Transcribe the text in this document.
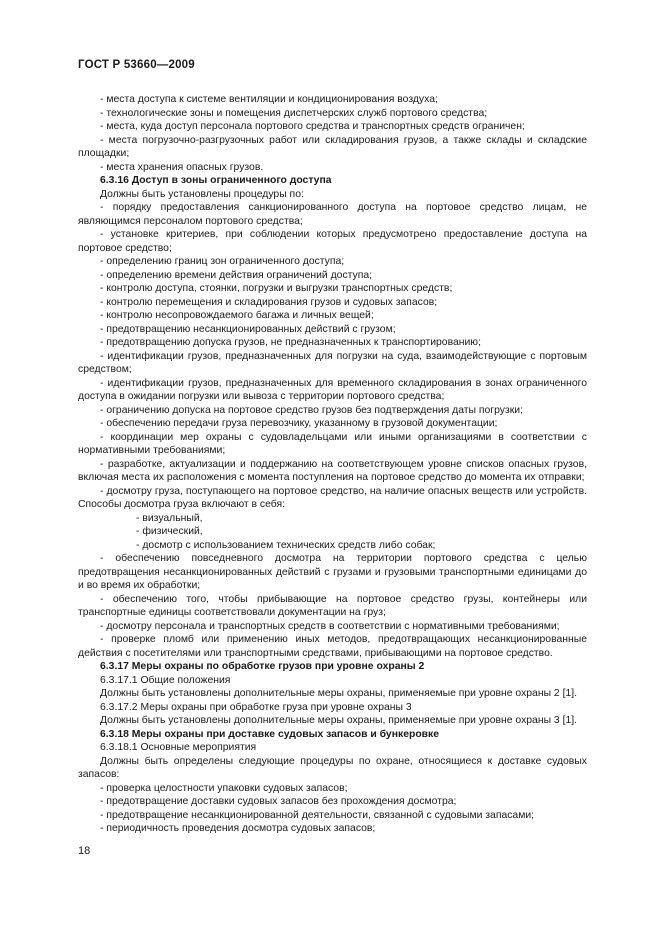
ГОСТ Р 53660—2009

- места доступа к системе вентиляции и кондиционирования воздуха;

- технологические зоны и помещения диспетчерских служб портового средства;

- места, куда доступ персонала портового средства и транспортных средств ограничен;

- места погрузочно-разгрузочных работ или складирования грузов, а также склады и складские площадки;

- места хранения опасных грузов.

6.3.16 Доступ в зоны ограниченного доступа

Должны быть установлены процедуры по:

- порядку предоставления санкционированного доступа на портовое средство лицам, не являющимся персоналом портового средства;

- установке критериев, при соблюдении которых предусмотрено предоставление доступа на портовое средство;

- определению границ зон ограниченного доступа;

- определению времени действия ограничений доступа;

- контролю доступа, стоянки, погрузки и выгрузки транспортных средств;

- контролю перемещения и складирования грузов и судовых запасов;

- контролю несопровождаемого багажа и личных вещей;

- предотвращению несанкционированных действий с грузом;

- предотвращению допуска грузов, не предназначенных к транспортированию;

- идентификации грузов, предназначенных для погрузки на суда, взаимодействующие с портовым средством;

- идентификации грузов, предназначенных для временного складирования в зонах ограниченного доступа в ожидании погрузки или вывоза с территории портового средства;

- ограничению допуска на портовое средство грузов без подтверждения даты погрузки;

- обеспечению передачи груза перевозчику, указанному в грузовой документации;

- координации мер охраны с судовладельцами или иными организациями в соответствии с нормативными требованиями;

- разработке, актуализации и поддержанию на соответствующем уровне списков опасных грузов, включая места их расположения с момента поступления на портовое средство до момента их отправки;

- досмотру груза, поступающего на портовое средство, на наличие опасных веществ или устройств. Способы досмотра груза включают в себя:

- визуальный,

- физический,

- досмотр с использованием технических средств либо собак;

- обеспечению повседневного досмотра на территории портового средства с целью предотвращения несанкционированных действий с грузами и грузовыми транспортными единицами до и во время их обработки;

- обеспечению того, чтобы прибывающие на портовое средство грузы, контейнеры или транспортные единицы соответствовали документации на груз;

- досмотру персонала и транспортных средств в соответствии с нормативными требованиями;

- проверке пломб или применению иных методов, предотвращающих несанкционированные действия с посетителями или транспортными средствами, прибывающими на портовое средство.

6.3.17 Меры охраны по обработке грузов при уровне охраны 2

6.3.17.1 Общие положения

Должны быть установлены дополнительные меры охраны, применяемые при уровне охраны 2 [1].

6.3.17.2 Меры охраны при обработке груза при уровне охраны 3

Должны быть установлены дополнительные меры охраны, применяемые при уровне охраны 3 [1].

6.3.18 Меры охраны при доставке судовых запасов и бункеровке

6.3.18.1 Основные мероприятия

Должны быть определены следующие процедуры по охране, относящиеся к доставке судовых запасов:

- проверка целостности упаковки судовых запасов;

- предотвращение доставки судовых запасов без прохождения досмотра;

- предотвращение несанкционированной деятельности, связанной с судовыми запасами;

- периодичность проведения досмотра судовых запасов;

18
